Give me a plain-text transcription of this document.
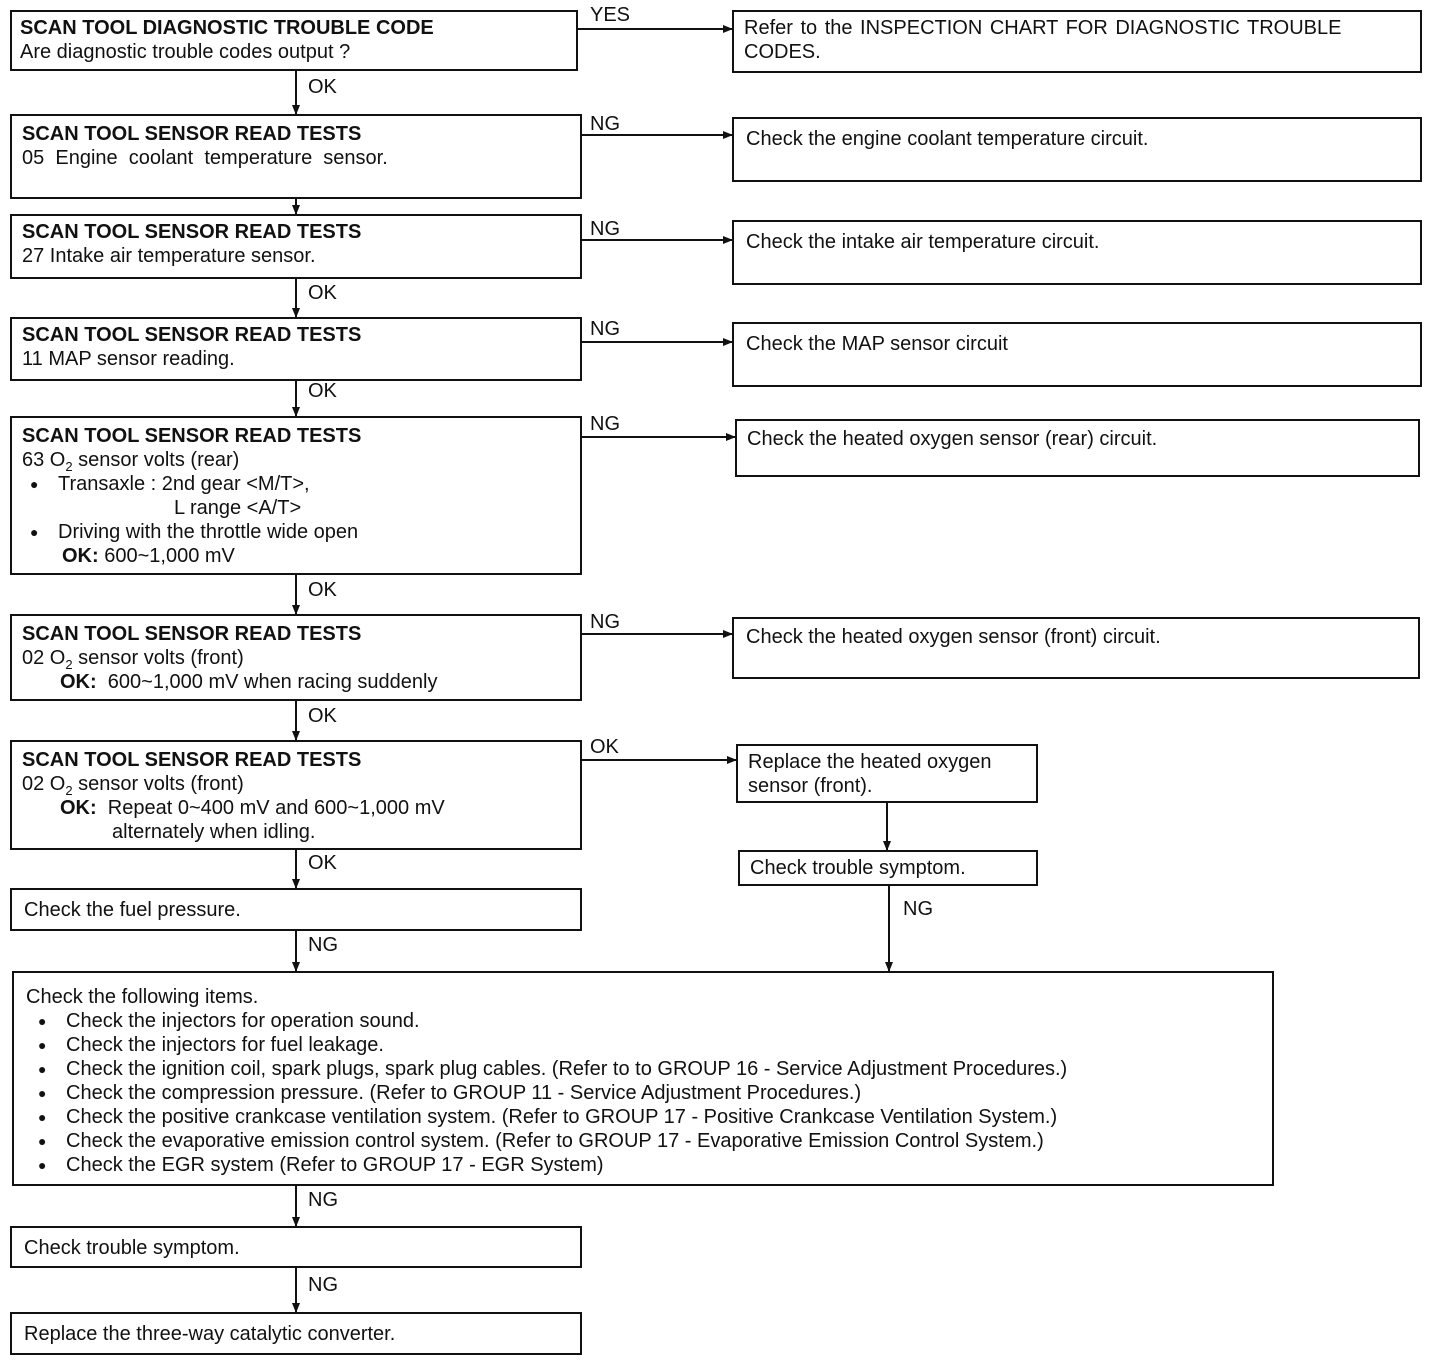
SCAN TOOL DIAGNOSTIC TROUBLE CODE
Are diagnostic trouble codes output ?
SCAN TOOL SENSOR READ TESTS
05  Engine  coolant  temperature  sensor.
SCAN TOOL SENSOR READ TESTS
27 Intake air temperature sensor.
SCAN TOOL SENSOR READ TESTS
11 MAP sensor reading.
SCAN TOOL SENSOR READ TESTS
63 $O_2$ sensor volts (rear)
● Transaxle : 2nd gear <M/T>,
L range <A/T>
● Driving with the throttle wide open
OK: 600~1,000 mV
SCAN TOOL SENSOR READ TESTS
02 $O_2$ sensor volts (front)
OK:  600~1,000 mV when racing suddenly
SCAN TOOL SENSOR READ TESTS
02 $O_2$ sensor volts (front)
OK:  Repeat 0~400 mV and 600~1,000 mV
alternately when idling.
Check the fuel pressure.
Check the following items.
● Check the injectors for operation sound.
● Check the injectors for fuel leakage.
● Check the ignition coil, spark plugs, spark plug cables. (Refer to to GROUP 16 - Service Adjustment Procedures.)
● Check the compression pressure. (Refer to GROUP 11 - Service Adjustment Procedures.)
● Check the positive crankcase ventilation system. (Refer to GROUP 17 - Positive Crankcase Ventilation System.)
● Check the evaporative emission control system. (Refer to GROUP 17 - Evaporative Emission Control System.)
● Check the EGR system (Refer to GROUP 17 - EGR System)
Check trouble symptom.
Replace the three-way catalytic converter.
Refer to the INSPECTION CHART FOR DIAGNOSTIC TROUBLE CODES.
Check the engine coolant temperature circuit.
Check the intake air temperature circuit.
Check the MAP sensor circuit
Check the heated oxygen sensor (rear) circuit.
Check the heated oxygen sensor (front) circuit.
Replace the heated oxygen sensor (front).
Check trouble symptom.
YES
OK
NG
NG
OK
NG
OK
NG
OK
NG
OK
OK
OK
NG
NG
NG
NG
